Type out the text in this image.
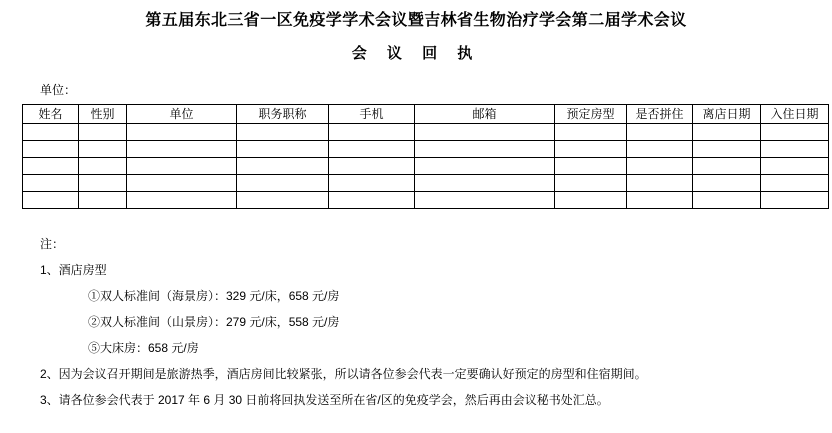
第五届东北三省一区免疫学学术会议暨吉林省生物治疗学会第二届学术会议
会 议 回 执
单位：
姓名	性别	单位	职务职称	手机	邮箱	预定房型	是否拼住	离店日期	入住日期

注：
1、酒店房型
①双人标准间（海景房）：329 元/床，658 元/房
②双人标准间（山景房）：279 元/床，558 元/房
⑤大床房：658 元/房
2、因为会议召开期间是旅游热季，酒店房间比较紧张，所以请各位参会代表一定要确认好预定的房型和住宿期间。
3、请各位参会代表于 2017 年 6 月 30 日前将回执发送至所在省/区的免疫学会，然后再由会议秘书处汇总。
